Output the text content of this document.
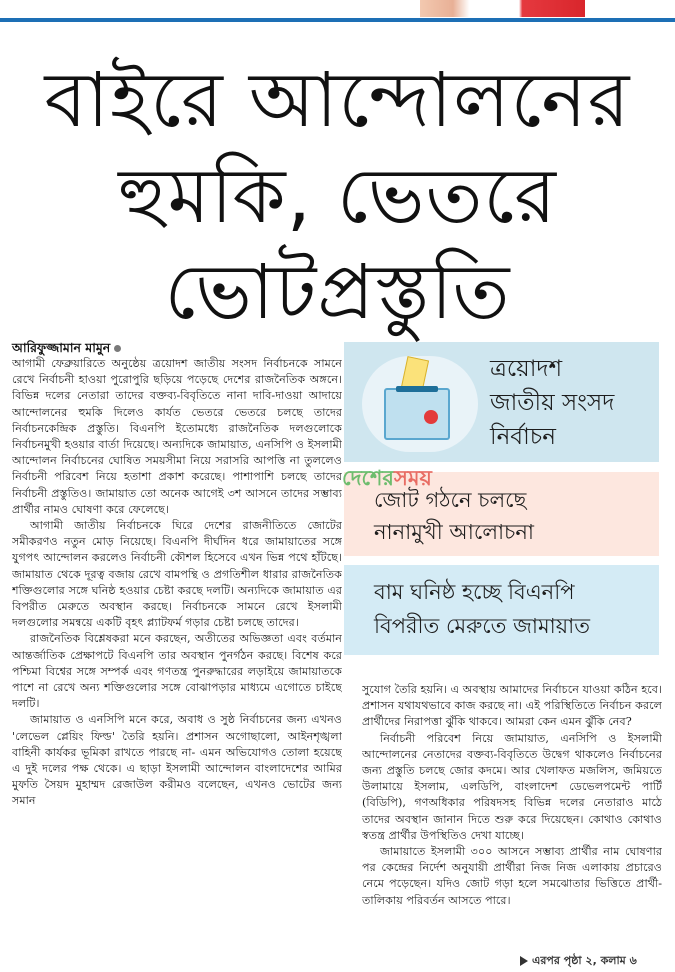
বাইরে আন্দোলনের
হুমকি, ভেতরে
ভোটপ্রস্তুতি
আরিফুজ্জামান মামুন

আগামী ফেব্রুয়ারিতে অনুষ্ঠেয় ত্রয়োদশ জাতীয় সংসদ নির্বাচনকে সামনে রেখে নির্বাচনী হাওয়া পুরোপুরি ছড়িয়ে পড়েছে দেশের রাজনৈতিক অঙ্গনে। বিভিন্ন দলের নেতারা তাদের বক্তব্য-বিবৃতিতে নানা দাবি-দাওয়া আদায়ে আন্দোলনের হুমকি দিলেও কার্যত ভেতরে ভেতরে চলছে তাদের নির্বাচনকেন্দ্রিক প্রস্তুতি। বিএনপি ইতোমধ্যে রাজনৈতিক দলগুলোকে নির্বাচনমুখী হওয়ার বার্তা দিয়েছে। অন্যদিকে জামায়াত, এনসিপি ও ইসলামী আন্দোলন নির্বাচনের ঘোষিত সময়সীমা নিয়ে সরাসরি আপত্তি না তুললেও নির্বাচনী পরিবেশ নিয়ে হতাশা প্রকাশ করেছে। পাশাপাশি চলছে তাদের নির্বাচনী প্রস্তুতিও। জামায়াত তো অনেক আগেই ৩শ আসনে তাদের সম্ভাব্য প্রার্থীর নামও ঘোষণা করে ফেলেছে।

আগামী জাতীয় নির্বাচনকে ঘিরে দেশের রাজনীতিতে জোটের সমীকরণও নতুন মোড় নিয়েছে। বিএনপি দীর্ঘদিন ধরে জামায়াতের সঙ্গে যুগপৎ আন্দোলন করলেও নির্বাচনী কৌশল হিসেবে এখন ভিন্ন পথে হাঁটছে। জামায়াত থেকে দূরত্ব বজায় রেখে বামপন্থি ও প্রগতিশীল ধারার রাজনৈতিক শক্তিগুলোর সঙ্গে ঘনিষ্ঠ হওয়ার চেষ্টা করছে দলটি। অন্যদিকে জামায়াত এর বিপরীত মেরুতে অবস্থান করছে। নির্বাচনকে সামনে রেখে ইসলামী দলগুলোর সমন্বয়ে একটি বৃহৎ প্ল্যাটফর্ম গড়ার চেষ্টা চলছে তাদের।

রাজনৈতিক বিশ্লেষকরা মনে করছেন, অতীতের অভিজ্ঞতা এবং বর্তমান আন্তর্জাতিক প্রেক্ষাপটে বিএনপি তার অবস্থান পুনর্গঠন করছে। বিশেষ করে পশ্চিমা বিশ্বের সঙ্গে সম্পর্ক এবং গণতন্ত্র পুনরুদ্ধারের লড়াইয়ে জামায়াতকে পাশে না রেখে অন্য শক্তিগুলোর সঙ্গে বোঝাপড়ার মাধ্যমে এগোতে চাইছে দলটি।

জামায়াত ও এনসিপি মনে করে, অবাধ ও সুষ্ঠ নির্বাচনের জন্য এখনও 'লেভেল প্লেয়িং ফিল্ড' তৈরি হয়নি। প্রশাসন অগোছালো, আইনশৃঙ্খলা বাহিনী কার্যকর ভূমিকা রাখতে পারছে না- এমন অভিযোগও তোলা হয়েছে এ দুই দলের পক্ষ থেকে। এ ছাড়া ইসলামী আন্দোলন বাংলাদেশের আমির মুফতি সৈয়দ মুহাম্মদ রেজাউল করীমও বলেছেন, এখনও ভোটের জন্য সমান

ত্রয়োদশ
জাতীয় সংসদ
নির্বাচন
জোট গঠনে চলছে
নানামুখী আলোচনা
দেশেরসময়
বাম ঘনিষ্ঠ হচ্ছে বিএনপি
বিপরীত মেরুতে জামায়াত

সুযোগ তৈরি হয়নি। এ অবস্থায় আমাদের নির্বাচনে যাওয়া কঠিন হবে। প্রশাসন যথাযথভাবে কাজ করছে না। এই পরিস্থিতিতে নির্বাচন করলে প্রার্থীদের নিরাপত্তা ঝুঁকি থাকবে। আমরা কেন এমন ঝুঁকি নেব?

নির্বাচনী পরিবেশ নিয়ে জামায়াত, এনসিপি ও ইসলামী আন্দোলনের নেতাদের বক্তব্য-বিবৃতিতে উদ্বেগ থাকলেও নির্বাচনের জন্য প্রস্তুতি চলছে জোর কদমে। আর খেলাফত মজলিস, জমিয়তে উলামায়ে ইসলাম, এলডিপি, বাংলাদেশ ডেভেলপমেন্ট পার্টি (বিডিপি), গণঅধিকার পরিষদসহ বিভিন্ন দলের নেতারাও মাঠে তাদের অবস্থান জানান দিতে শুরু করে দিয়েছেন। কোথাও কোথাও স্বতন্ত্র প্রার্থীর উপস্থিতিও দেখা যাচ্ছে।

জামায়াতে ইসলামী ৩০০ আসনে সম্ভাব্য প্রার্থীর নাম ঘোষণার পর কেন্দ্রের নির্দেশ অনুযায়ী প্রার্থীরা নিজ নিজ এলাকায় প্রচারেও নেমে পড়েছেন। যদিও জোট গড়া হলে সমঝোতার ভিত্তিতে প্রার্থী-তালিকায় পরিবর্তন আসতে পারে।

এরপর পৃষ্ঠা ২, কলাম ৬
